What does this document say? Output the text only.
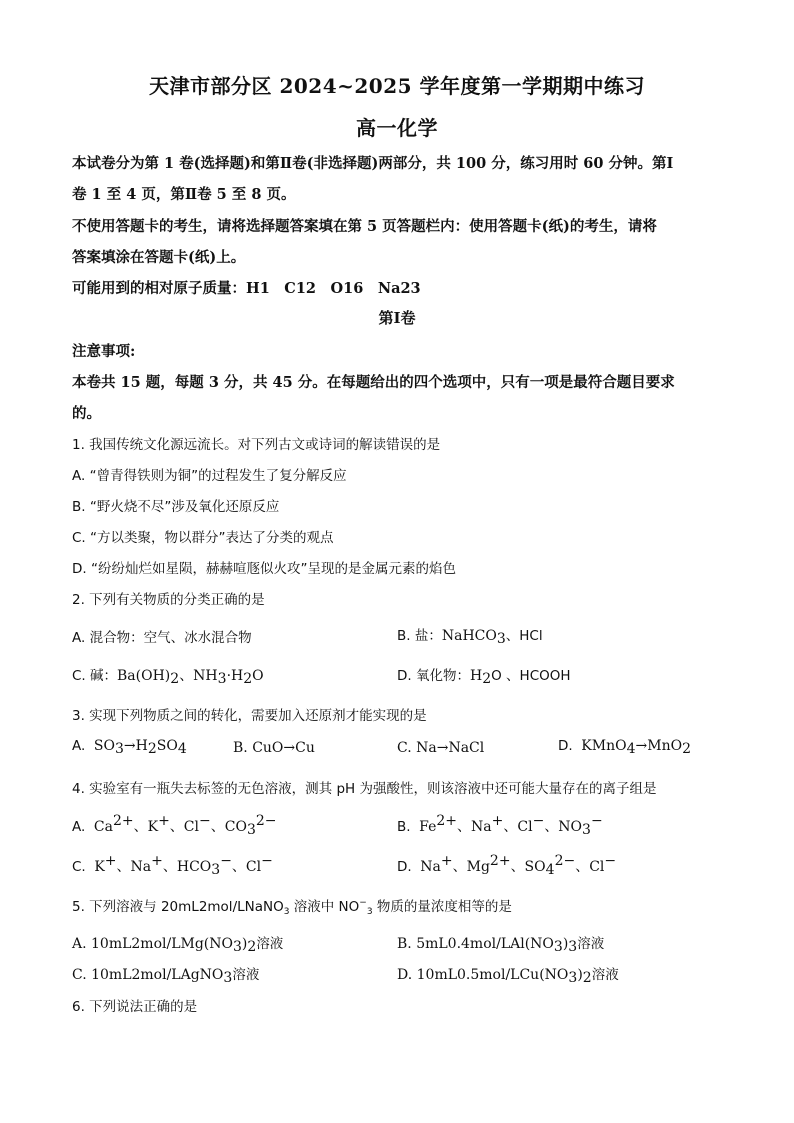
天津市部分区 2024~2025 学年度第一学期期中练习
高一化学
本试卷分为第 1 卷(选择题)和第Ⅱ卷(非选择题)两部分，共 100 分，练习用时 60 分钟。第Ⅰ
卷 1 至 4 页，第Ⅱ卷 5 至 8 页。
不使用答题卡的考生，请将选择题答案填在第 5 页答题栏内：使用答题卡(纸)的考生，请将
答案填涂在答题卡(纸)上。
可能用到的相对原子质量：H1　C12　O16　Na23
第Ⅰ卷
注意事项:
本卷共 15 题，每题 3 分，共 45 分。在每题给出的四个选项中，只有一项是最符合题目要求
的。
1. 我国传统文化源远流长。对下列古文或诗词的解读错误的是
A. “曾青得铁则为铜”的过程发生了复分解反应
B. “野火烧不尽”涉及氧化还原反应
C. “方以类聚，物以群分”表达了分类的观点
D. “纷纷灿烂如星陨，赫赫喧豗似火攻”呈现的是金属元素的焰色
2. 下列有关物质的分类正确的是
A. 混合物：空气、冰水混合物	B. 盐：NaHCO$_3$、HCl
C. 碱：$Ba(OH)_2$、$NH_3\cdot H_2O$	D. 氧化物：$H_2O$ 、HCOOH
3. 实现下列物质之间的转化，需要加入还原剂才能实现的是
A. $SO_3\to H_2SO_4$	B. CuO→Cu	C. Na→NaCl	D. KMnO$_4$→MnO$_2$
4. 实验室有一瓶失去标签的无色溶液，测其 pH 为强酸性，则该溶液中还可能大量存在的离子组是
A. $Ca^{2+}$、K+、Cl−、$CO_3^{2-}$	B. $Fe^{2+}$、Na+、Cl−、$NO_3^-$
C. K+、Na+、$HCO_3^-$、Cl−	D. Na+、$Mg^{2+}$、$SO_4^{2-}$、Cl−
5. 下列溶液与 20mL2mol/LNaNO$_3$ 溶液中 $NO^-_3$ 物质的量浓度相等的是
A. $10mL2mol/LMg(NO_3)_2$溶液	B. $5mL0.4mol/LAl(NO_3)_3$溶液
C. 10mL2mol/LAgNO$_3$溶液	D. $10mL0.5mol/LCu(NO_3)_2$溶液
6. 下列说法正确的是
